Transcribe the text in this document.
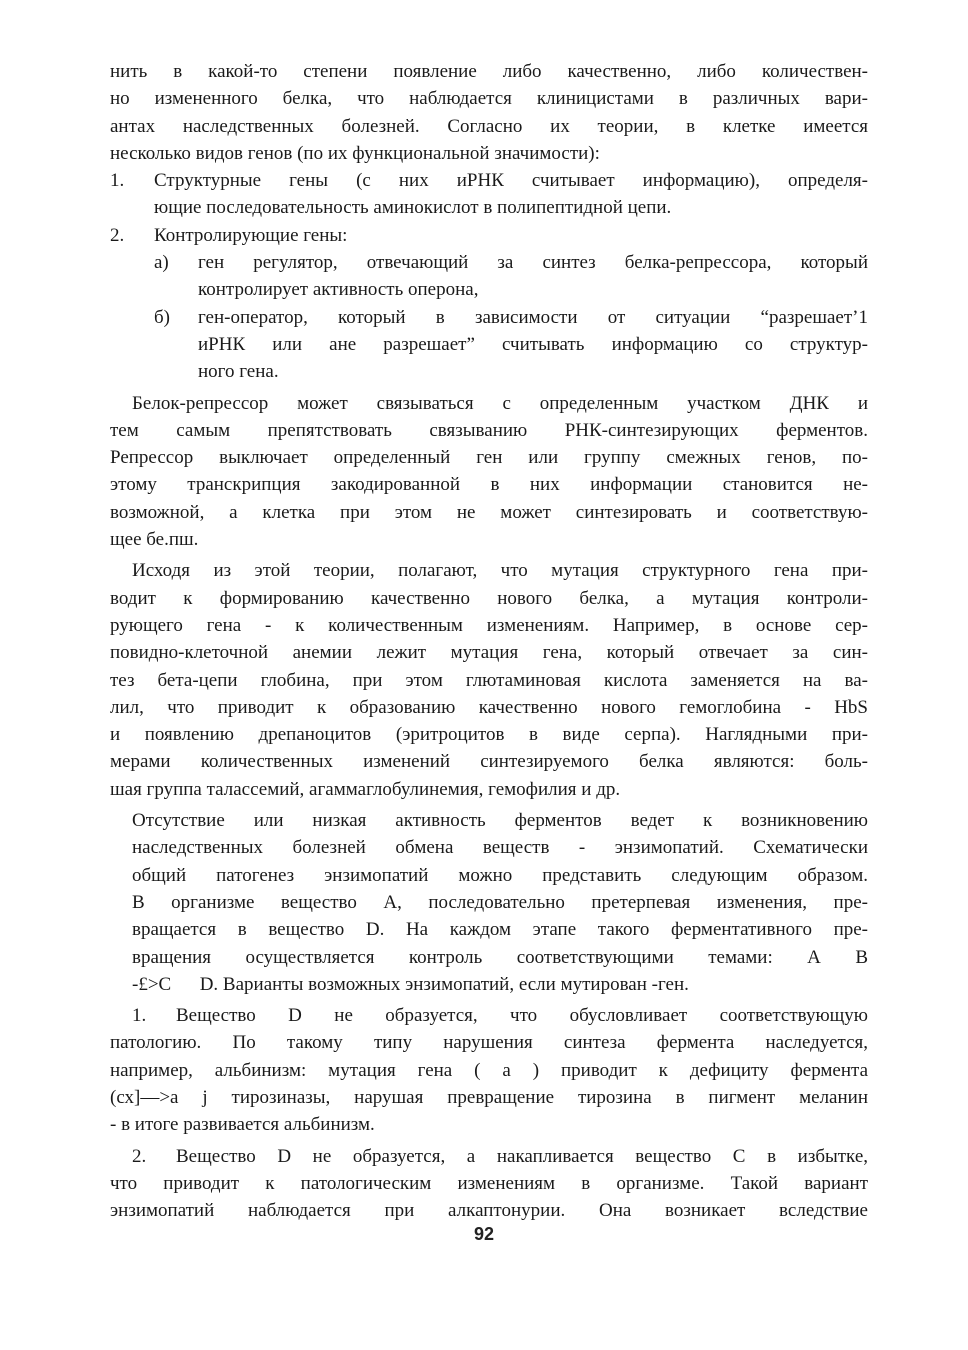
нить в какой-то степени появление либо качественно, либо количествен-
но измененного белка, что наблюдается клиницистами в различных вари-
антах наследственных болезней. Согласно их теории, в клетке имеется
несколько видов генов (по их функциональной значимости):
1. Структурные гены (с них иРНК считывает информацию), определя-
ющие последовательность аминокислот в полипептидной цепи.
2. Контролирующие гены:
а) ген регулятор, отвечающий за синтез белка-репрессора, который
контролирует активность оперона,
б) ген-оператор, который в зависимости от ситуации “разрешает’1
иРНК или ане разрешает” считывать информацию со структур-
ного гена.
Белок-репрессор может связываться с определенным участком ДНК и
тем самым препятствовать связыванию РНК-синтезирующих ферментов.
Репрессор выключает определенный ген или группу смежных генов, по-
этому транскрипция закодированной в них информации становится не-
возможной, а клетка при этом не может синтезировать и соответствую-
щее бе.пш.
Исходя из этой теории, полагают, что мутация структурного гена при-
водит к формированию качественно нового белка, а мутация контроли-
рующего гена - к количественным изменениям. Например, в основе сер-
повидно-клеточной анемии лежит мутация гена, который отвечает за син-
тез бета-цепи глобина, при этом глютаминовая кислота заменяется на ва-
лил, что приводит к образованию качественно нового гемоглобина - HbS
и появлению дрепаноцитов (эритроцитов в виде серпа). Наглядными при-
мерами количественных изменений синтезируемого белка являются: боль-
шая группа талассемий, агаммаглобулинемия, гемофилия и др.
Отсутствие или низкая активность ферментов ведет к возникновению
наследственных болезней обмена веществ - энзимопатий. Схематически
общий патогенез энзимопатий можно представить следующим образом.
В организме вещество А, последовательно претерпевая изменения, пре-
вращается в вещество D. На каждом этапе такого ферментативного пре-
вращения осуществляется контроль соответствующими темами: А В
-£>С      D. Варианты возможных энзимопатий, если мутирован -ген.
1. Вещество D не образуется, что обусловливает соответствующую
патологию. По такому типу нарушения синтеза фермента наследуется,
например, альбинизм: мутация гена ( а ) приводит к дефициту фермента
(сх]—>a j тирозиназы, нарушая превращение тирозина в пигмент меланин
- в итоге развивается альбинизм.
2. Вещество D не образуется, а накапливается вещество С в избытке,
что приводит к патологическим изменениям в организме. Такой вариант
энзимопатий наблюдается при алкаптонурии. Она возникает вследствие
92
